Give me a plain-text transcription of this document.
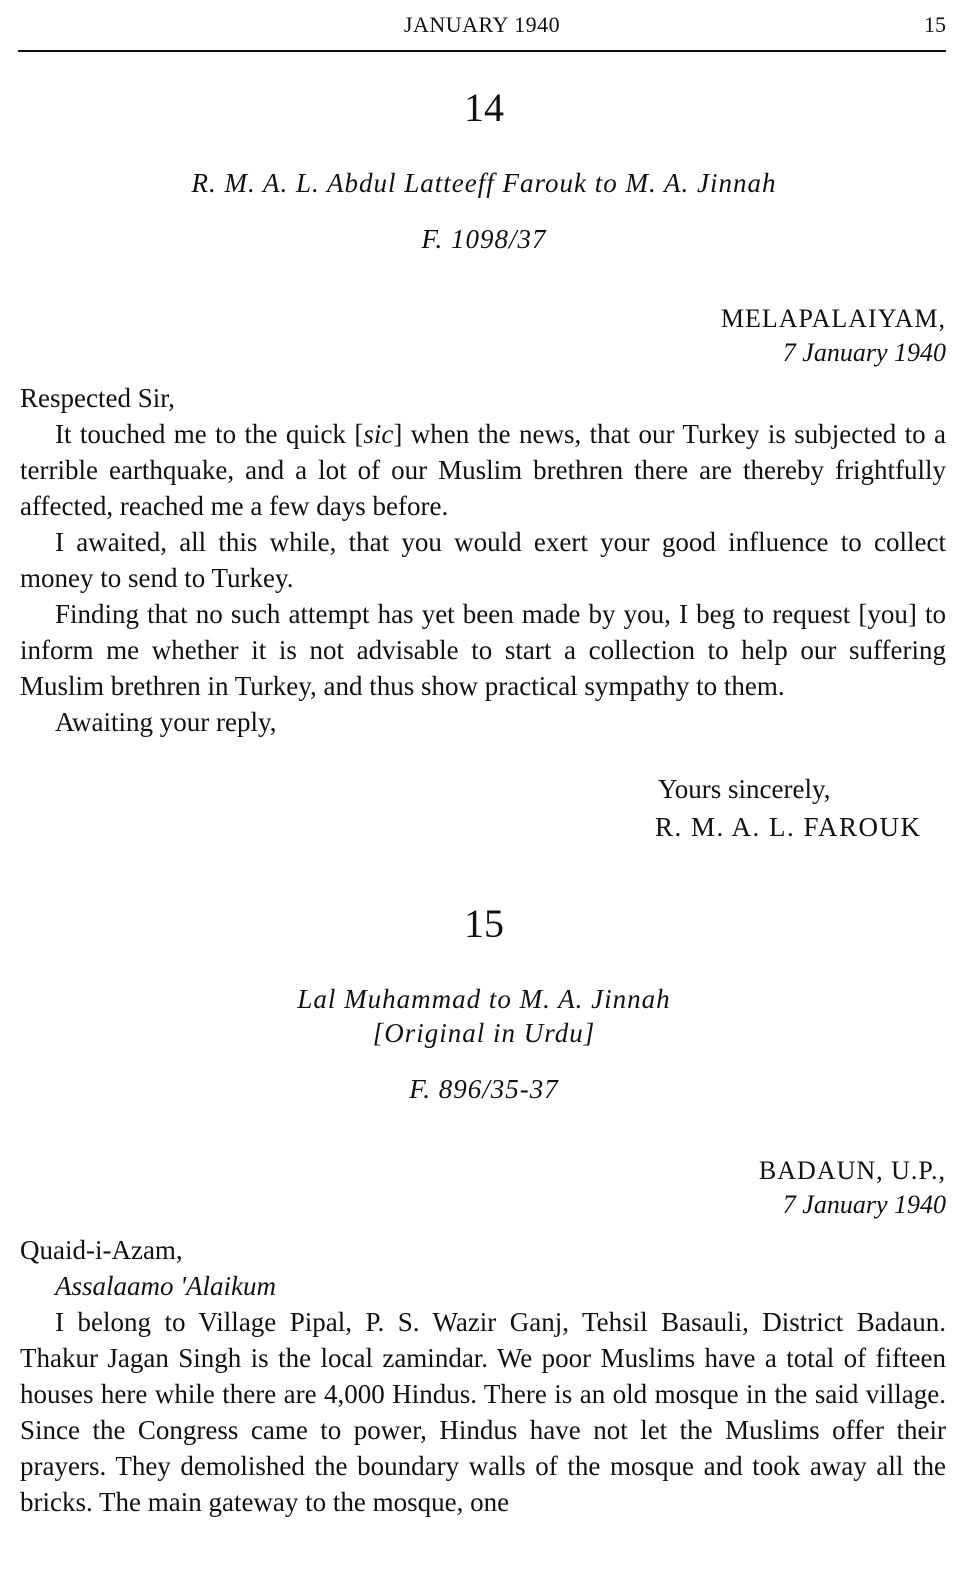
JANUARY 1940	15
14
R. M. A. L. Abdul Latteeff Farouk to M. A. Jinnah
F. 1098/37
MELAPALAIYAM,
7 January 1940

Respected Sir,

It touched me to the quick [sic] when the news, that our Turkey is subjected to a terrible earthquake, and a lot of our Muslim brethren there are thereby frightfully affected, reached me a few days before.

I awaited, all this while, that you would exert your good influence to collect money to send to Turkey.

Finding that no such attempt has yet been made by you, I beg to request [you] to inform me whether it is not advisable to start a collection to help our suffering Muslim brethren in Turkey, and thus show practical sympathy to them.

Awaiting your reply,

Yours sincerely,
R. M. A. L. FAROUK
15
Lal Muhammad to M. A. Jinnah
[Original in Urdu]
F. 896/35-37
BADAUN, U.P.,
7 January 1940

Quaid-i-Azam,

Assalaamo 'Alaikum

I belong to Village Pipal, P. S. Wazir Ganj, Tehsil Basauli, District Badaun. Thakur Jagan Singh is the local zamindar. We poor Muslims have a total of fifteen houses here while there are 4,000 Hindus. There is an old mosque in the said village. Since the Congress came to power, Hindus have not let the Muslims offer their prayers. They demolished the boundary walls of the mosque and took away all the bricks. The main gateway to the mosque, one
